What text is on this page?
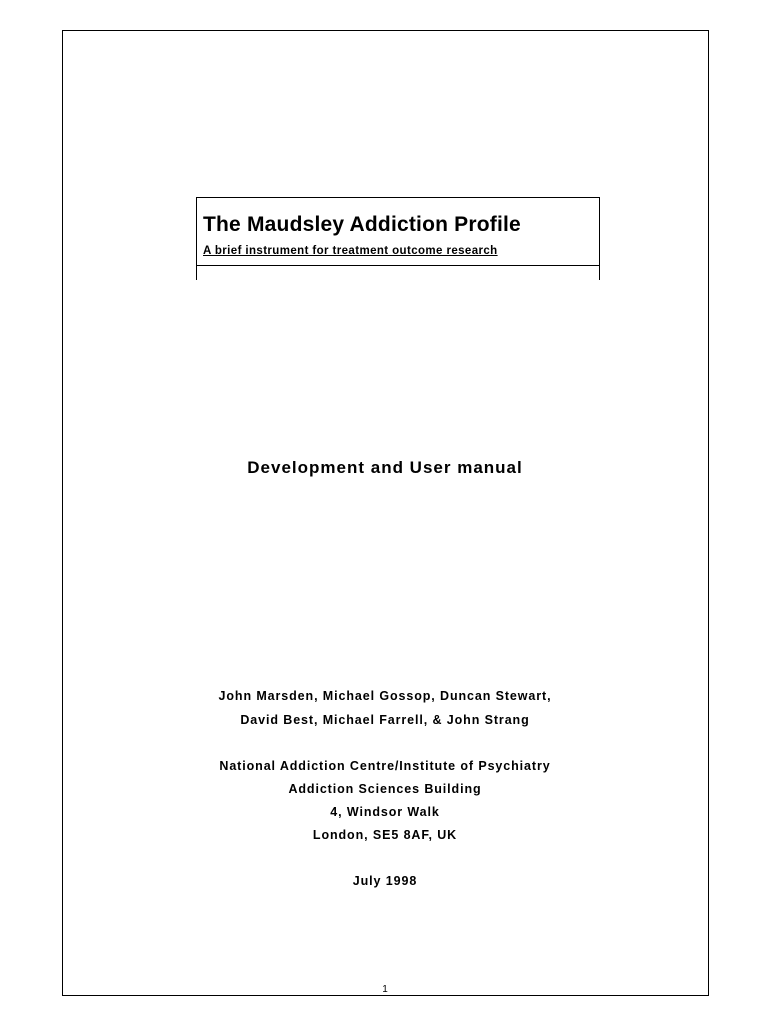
The Maudsley Addiction Profile

A brief instrument for treatment outcome research

Development and User manual

John Marsden, Michael Gossop, Duncan Stewart,

David Best, Michael Farrell, & John Strang

National Addiction Centre/Institute of Psychiatry

Addiction Sciences Building

4, Windsor Walk

London, SE5 8AF, UK

July 1998

1
